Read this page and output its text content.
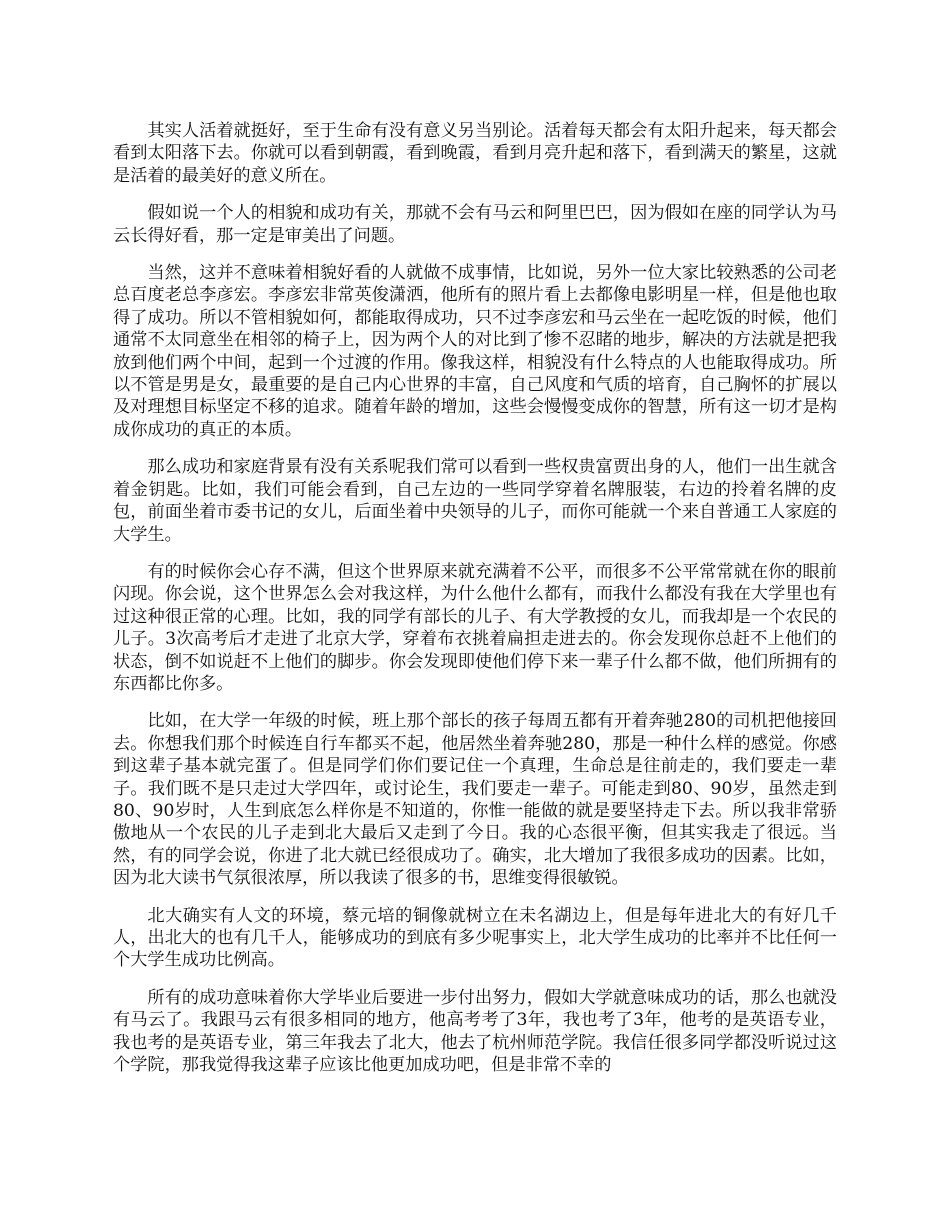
其实人活着就挺好，至于生命有没有意义另当别论。活着每天都会有太阳升起来，每天都会看到太阳落下去。你就可以看到朝霞，看到晚霞，看到月亮升起和落下，看到满天的繁星，这就是活着的最美好的意义所在。

假如说一个人的相貌和成功有关，那就不会有马云和阿里巴巴，因为假如在座的同学认为马云长得好看，那一定是审美出了问题。

当然，这并不意味着相貌好看的人就做不成事情，比如说，另外一位大家比较熟悉的公司老总百度老总李彦宏。李彦宏非常英俊潇洒，他所有的照片看上去都像电影明星一样，但是他也取得了成功。所以不管相貌如何，都能取得成功，只不过李彦宏和马云坐在一起吃饭的时候，他们通常不太同意坐在相邻的椅子上，因为两个人的对比到了惨不忍睹的地步，解决的方法就是把我放到他们两个中间，起到一个过渡的作用。像我这样，相貌没有什么特点的人也能取得成功。所以不管是男是女，最重要的是自己内心世界的丰富，自己风度和气质的培育，自己胸怀的扩展以及对理想目标坚定不移的追求。随着年龄的增加，这些会慢慢变成你的智慧，所有这一切才是构成你成功的真正的本质。

那么成功和家庭背景有没有关系呢我们常可以看到一些权贵富贾出身的人，他们一出生就含着金钥匙。比如，我们可能会看到，自己左边的一些同学穿着名牌服装，右边的拎着名牌的皮包，前面坐着市委书记的女儿，后面坐着中央领导的儿子，而你可能就一个来自普通工人家庭的大学生。

有的时候你会心存不满，但这个世界原来就充满着不公平，而很多不公平常常就在你的眼前闪现。你会说，这个世界怎么会对我这样，为什么他什么都有，而我什么都没有我在大学里也有过这种很正常的心理。比如，我的同学有部长的儿子、有大学教授的女儿，而我却是一个农民的儿子。3次高考后才走进了北京大学，穿着布衣挑着扁担走进去的。你会发现你总赶不上他们的状态，倒不如说赶不上他们的脚步。你会发现即使他们停下来一辈子什么都不做，他们所拥有的东西都比你多。

比如，在大学一年级的时候，班上那个部长的孩子每周五都有开着奔驰280的司机把他接回去。你想我们那个时候连自行车都买不起，他居然坐着奔驰280，那是一种什么样的感觉。你感到这辈子基本就完蛋了。但是同学们你们要记住一个真理，生命总是往前走的，我们要走一辈子。我们既不是只走过大学四年，或讨论生，我们要走一辈子。可能走到80、90岁，虽然走到80、90岁时，人生到底怎么样你是不知道的，你惟一能做的就是要坚持走下去。所以我非常骄傲地从一个农民的儿子走到北大最后又走到了今日。我的心态很平衡，但其实我走了很远。当然，有的同学会说，你进了北大就已经很成功了。确实，北大增加了我很多成功的因素。比如，因为北大读书气氛很浓厚，所以我读了很多的书，思维变得很敏锐。

北大确实有人文的环境，蔡元培的铜像就树立在未名湖边上，但是每年进北大的有好几千人，出北大的也有几千人，能够成功的到底有多少呢事实上，北大学生成功的比率并不比任何一个大学生成功比例高。

所有的成功意味着你大学毕业后要进一步付出努力，假如大学就意味成功的话，那么也就没有马云了。我跟马云有很多相同的地方，他高考考了3年，我也考了3年，他考的是英语专业，我也考的是英语专业，第三年我去了北大，他去了杭州师范学院。我信任很多同学都没听说过这个学院，那我觉得我这辈子应该比他更加成功吧，但是非常不幸的
